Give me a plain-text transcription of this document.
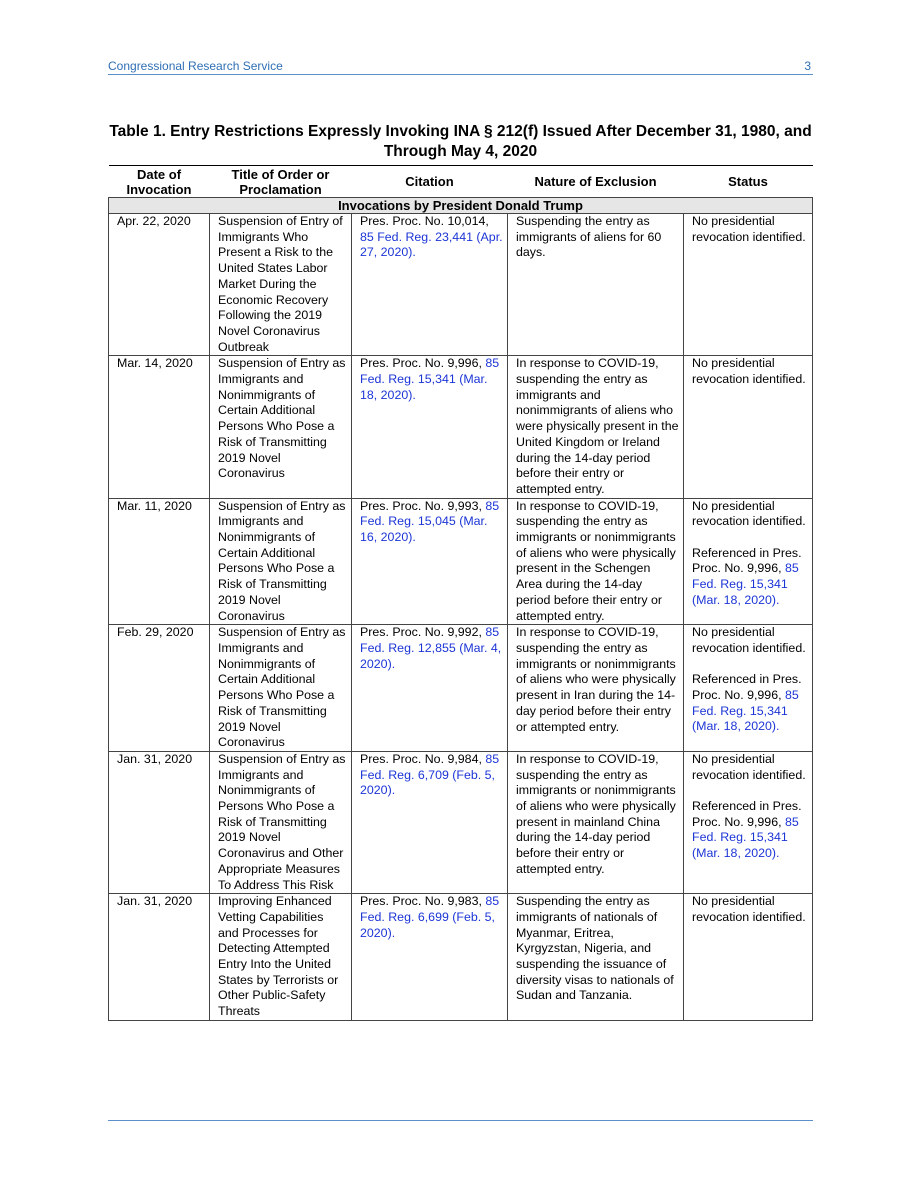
Congressional Research Service	3
Table 1. Entry Restrictions Expressly Invoking INA § 212(f) Issued After December 31, 1980, and Through May 4, 2020
Date of Invocation	Title of Order or Proclamation	Citation	Nature of Exclusion	Status
Invocations by President Donald Trump				
Apr. 22, 2020	Suspension of Entry of Immigrants Who Present a Risk to the United States Labor Market During the Economic Recovery Following the 2019 Novel Coronavirus Outbreak	Pres. Proc. No. 10,014, 85 Fed. Reg. 23,441 (Apr. 27, 2020).	Suspending the entry as immigrants of aliens for 60 days.	No presidential revocation identified.
Mar. 14, 2020	Suspension of Entry as Immigrants and Nonimmigrants of Certain Additional Persons Who Pose a Risk of Transmitting 2019 Novel Coronavirus	Pres. Proc. No. 9,996, 85 Fed. Reg. 15,341 (Mar. 18, 2020).	In response to COVID-19, suspending the entry as immigrants and nonimmigrants of aliens who were physically present in the United Kingdom or Ireland during the 14-day period before their entry or attempted entry.	No presidential revocation identified.
Mar. 11, 2020	Suspension of Entry as Immigrants and Nonimmigrants of Certain Additional Persons Who Pose a Risk of Transmitting 2019 Novel Coronavirus	Pres. Proc. No. 9,993, 85 Fed. Reg. 15,045 (Mar. 16, 2020).	In response to COVID-19, suspending the entry as immigrants or nonimmigrants of aliens who were physically present in the Schengen Area during the 14-day period before their entry or attempted entry.	No presidential revocation identified.
Referenced in Pres. Proc. No. 9,996, 85 Fed. Reg. 15,341 (Mar. 18, 2020).
Feb. 29, 2020	Suspension of Entry as Immigrants and Nonimmigrants of Certain Additional Persons Who Pose a Risk of Transmitting 2019 Novel Coronavirus	Pres. Proc. No. 9,992, 85 Fed. Reg. 12,855 (Mar. 4, 2020).	In response to COVID-19, suspending the entry as immigrants or nonimmigrants of aliens who were physically present in Iran during the 14-day period before their entry or attempted entry.	No presidential revocation identified.
Referenced in Pres. Proc. No. 9,996, 85 Fed. Reg. 15,341 (Mar. 18, 2020).
Jan. 31, 2020	Suspension of Entry as Immigrants and Nonimmigrants of Persons Who Pose a Risk of Transmitting 2019 Novel Coronavirus and Other Appropriate Measures To Address This Risk	Pres. Proc. No. 9,984, 85 Fed. Reg. 6,709 (Feb. 5, 2020).	In response to COVID-19, suspending the entry as immigrants or nonimmigrants of aliens who were physically present in mainland China during the 14-day period before their entry or attempted entry.	No presidential revocation identified.
Referenced in Pres. Proc. No. 9,996, 85 Fed. Reg. 15,341 (Mar. 18, 2020).
Jan. 31, 2020	Improving Enhanced Vetting Capabilities and Processes for Detecting Attempted Entry Into the United States by Terrorists or Other Public-Safety Threats	Pres. Proc. No. 9,983, 85 Fed. Reg. 6,699 (Feb. 5, 2020).	Suspending the entry as immigrants of nationals of Myanmar, Eritrea, Kyrgyzstan, Nigeria, and suspending the issuance of diversity visas to nationals of Sudan and Tanzania.	No presidential revocation identified.
